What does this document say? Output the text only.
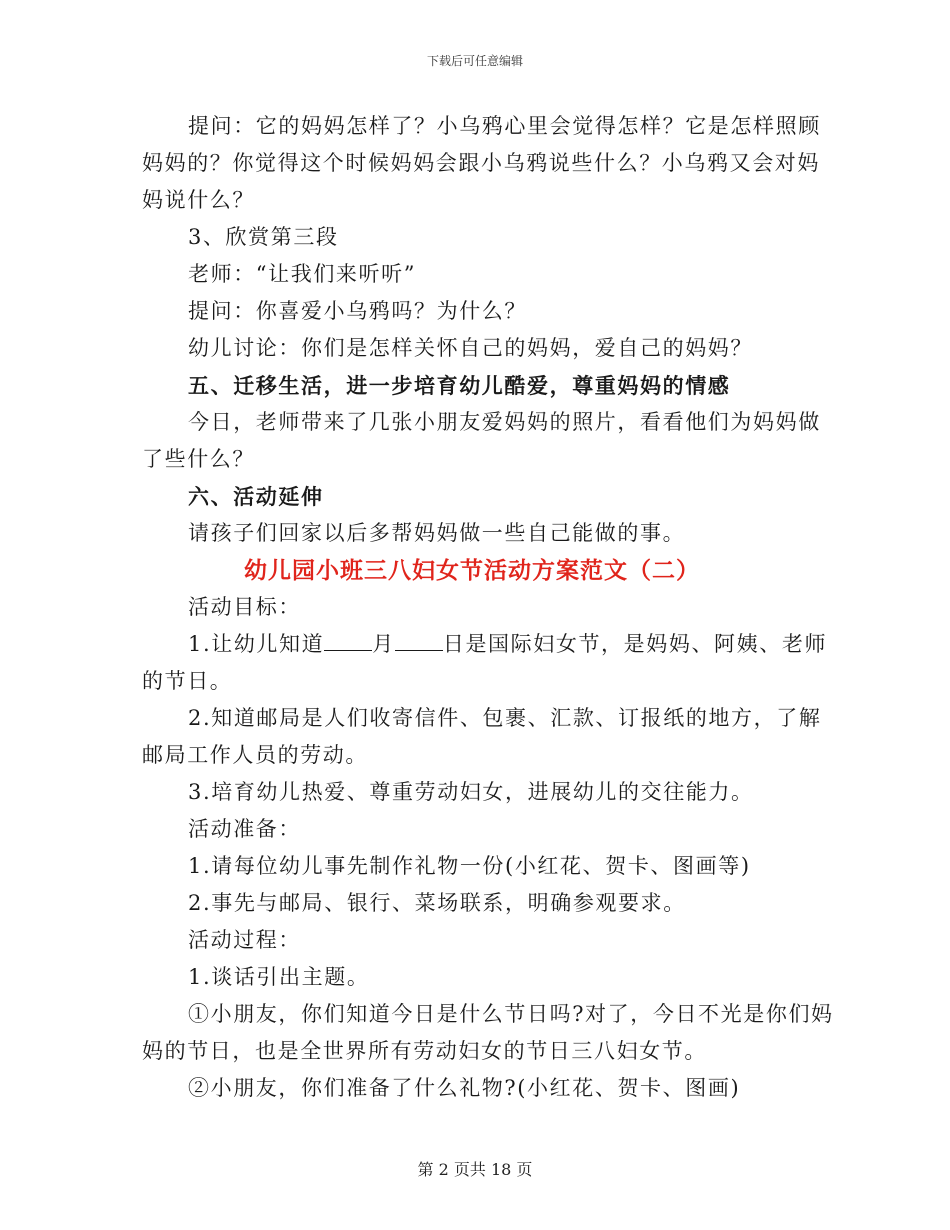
下载后可任意编辑
提问：它的妈妈怎样了？小乌鸦心里会觉得怎样？它是怎样照顾
妈妈的？你觉得这个时候妈妈会跟小乌鸦说些什么？小乌鸦又会对妈
妈说什么？
3、欣赏第三段
老师：“让我们来听听”
提问：你喜爱小乌鸦吗？为什么？
幼儿讨论：你们是怎样关怀自己的妈妈，爱自己的妈妈？
五、迁移生活，进一步培育幼儿酷爱，尊重妈妈的情感
今日，老师带来了几张小朋友爱妈妈的照片，看看他们为妈妈做
了些什么？
六、活动延伸
请孩子们回家以后多帮妈妈做一些自己能做的事。
幼儿园小班三八妇女节活动方案范文（二）
活动目标：
1.让幼儿知道 月 日是国际妇女节，是妈妈、阿姨、老师
的节日。
2.知道邮局是人们收寄信件、包裹、汇款、订报纸的地方，了解
邮局工作人员的劳动。
3.培育幼儿热爱、尊重劳动妇女，进展幼儿的交往能力。
活动准备：
1.请每位幼儿事先制作礼物一份(小红花、贺卡、图画等)
2.事先与邮局、银行、菜场联系，明确参观要求。
活动过程：
1.谈话引出主题。
①小朋友，你们知道今日是什么节日吗?对了，今日不光是你们妈
妈的节日，也是全世界所有劳动妇女的节日三八妇女节。
②小朋友，你们准备了什么礼物?(小红花、贺卡、图画)
第 2 页共 18 页
